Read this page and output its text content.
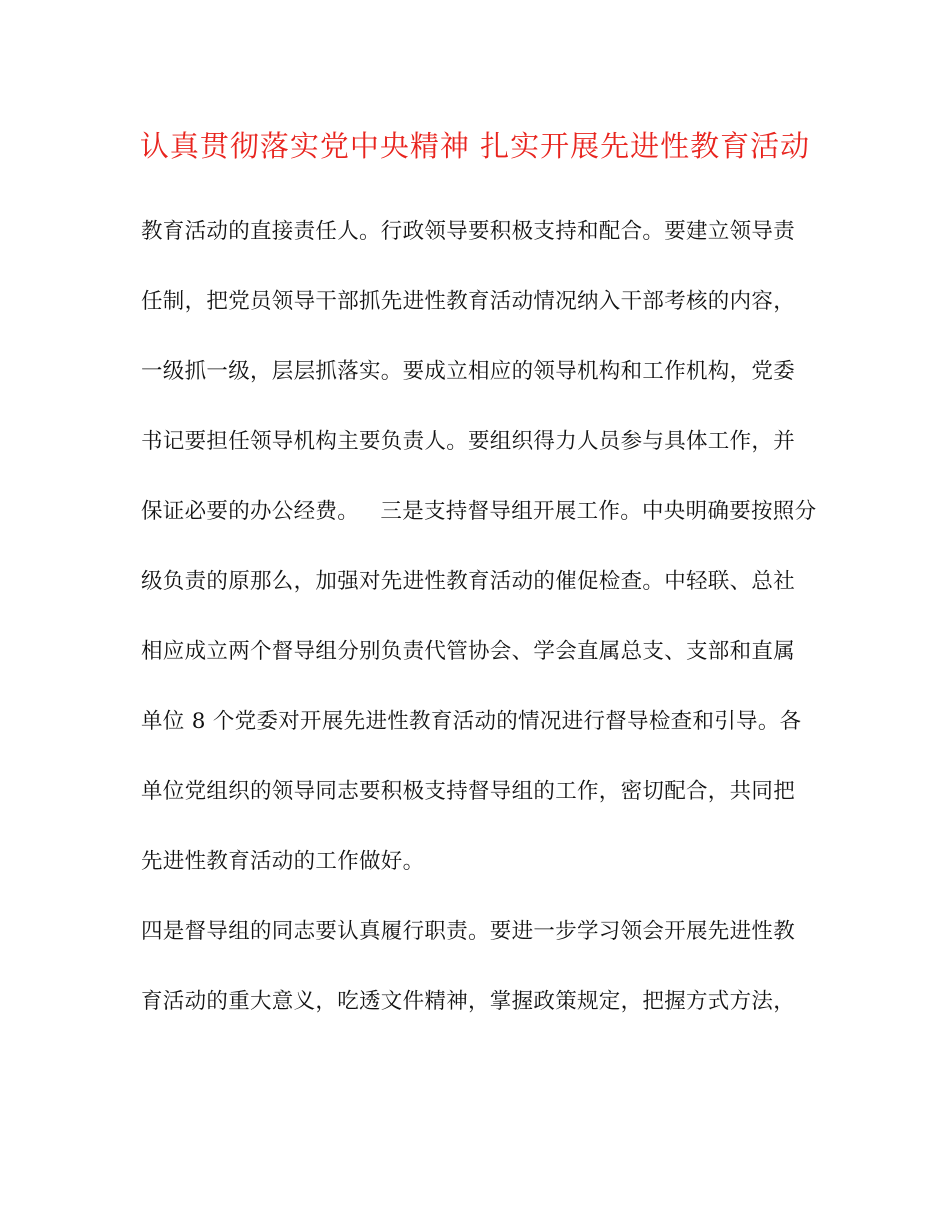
认真贯彻落实党中央精神 扎实开展先进性教育活动
教育活动的直接责任人。行政领导要积极支持和配合。要建立领导责
任制，把党员领导干部抓先进性教育活动情况纳入干部考核的内容，
一级抓一级，层层抓落实。要成立相应的领导机构和工作机构，党委
书记要担任领导机构主要负责人。要组织得力人员参与具体工作，并
保证必要的办公经费。   三是支持督导组开展工作。中央明确要按照分
级负责的原那么，加强对先进性教育活动的催促检查。中轻联、总社
相应成立两个督导组分别负责代管协会、学会直属总支、支部和直属
单位 8 个党委对开展先进性教育活动的情况进行督导检查和引导。各
单位党组织的领导同志要积极支持督导组的工作，密切配合，共同把
先进性教育活动的工作做好。
四是督导组的同志要认真履行职责。要进一步学习领会开展先进性教
育活动的重大意义，吃透文件精神，掌握政策规定，把握方式方法，
